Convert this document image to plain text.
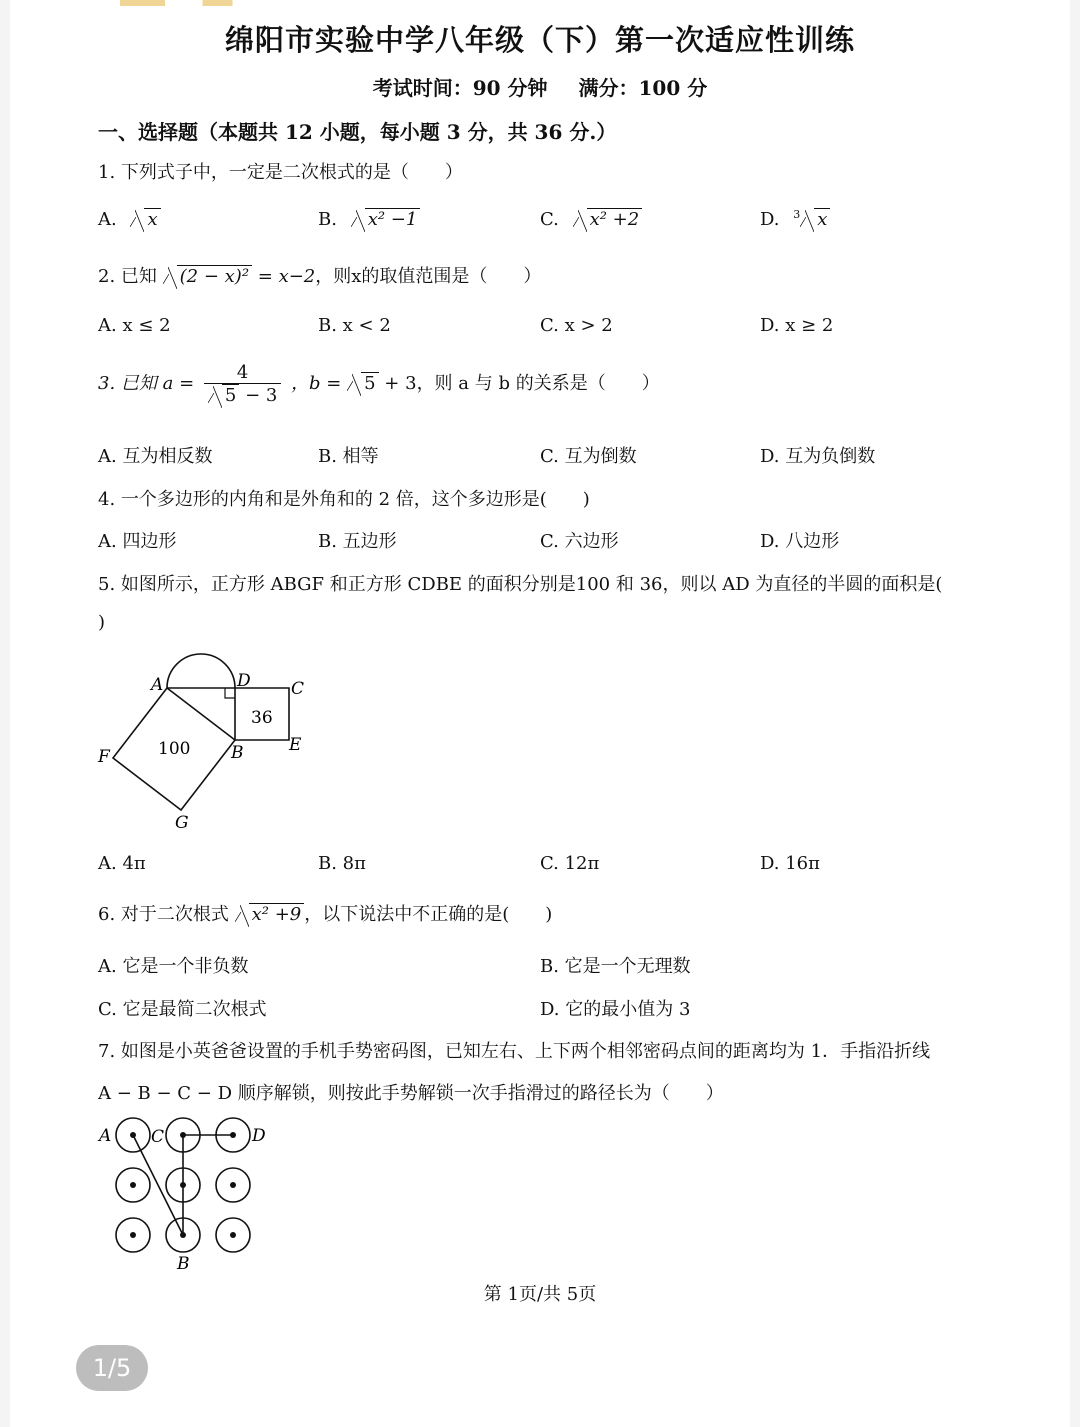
绵阳市实验中学八年级（下）第一次适应性训练
考试时间：90 分钟 满分：100 分
一、选择题（本题共 12 小题，每小题 3 分，共 36 分.）
1. 下列式子中，一定是二次根式的是（　　）
A. x	B. x² −1	C. x² +2	D. $^3$ x
2. 已知 (2 − x)² = x−2，则x的取值范围是（　　）
A. x ≤ 2	B. x < 2	C. x > 2	D. x ≥ 2
3. 已知 $a = \frac{4}{5 - 3}$ ，b = 5 + 3，则 a 与 b 的关系是（　　）
A. 互为相反数	B. 相等	C. 互为倒数	D. 互为负倒数
4. 一个多边形的内角和是外角和的 2 倍，这个多边形是(　　)
A. 四边形	B. 五边形	C. 六边形	D. 八边形
5. 如图所示，正方形 ABGF 和正方形 CDBE 的面积分别是100 和 36，则以 AD 为直径的半圆的面积是(
)
A	D C
E
B
F
G
100
36
A. 4π	B. 8π	C. 12π	D. 16π
6. 对于二次根式 x² +9 ，以下说法中不正确的是(　　)
A. 它是一个非负数	B. 它是一个无理数
C. 它是最简二次根式	D. 它的最小值为 3
7. 如图是小英爸爸设置的手机手势密码图，已知左右、上下两个相邻密码点间的距离均为 1．手指沿折线
A − B − C − D 顺序解锁，则按此手势解锁一次手指滑过的路径长为（　　）
A C	D
B
第 1页/共 5页
1/5
